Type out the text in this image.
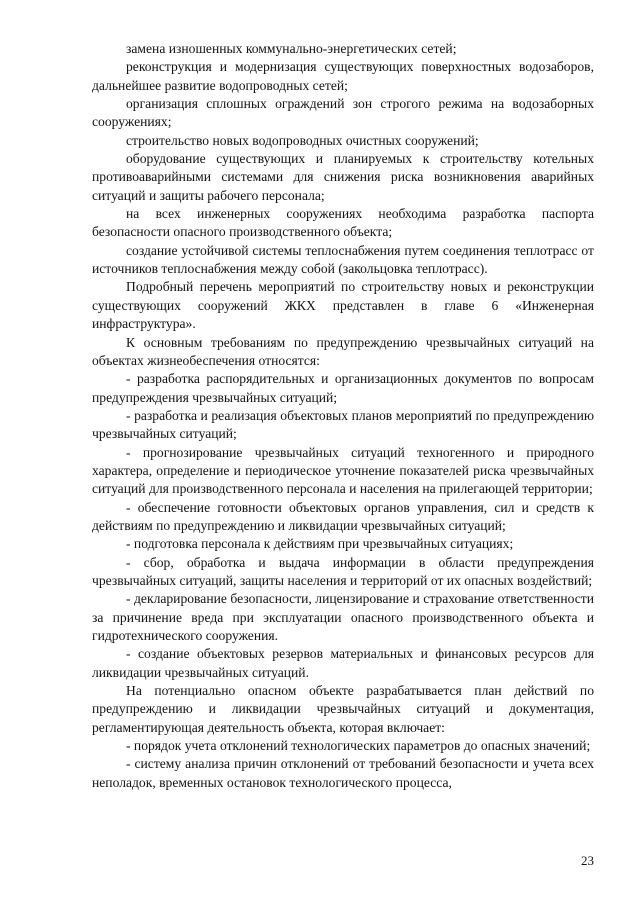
замена изношенных коммунально-энергетических сетей;

реконструкция и модернизация существующих поверхностных водозаборов, дальнейшее развитие водопроводных сетей;

организация сплошных ограждений зон строгого режима на водозаборных сооружениях;

строительство новых водопроводных очистных сооружений;

оборудование существующих и планируемых к строительству котельных противоаварийными системами для снижения риска возникновения аварийных ситуаций и защиты рабочего персонала;

на всех инженерных сооружениях необходима разработка паспорта безопасности опасного производственного объекта;

создание устойчивой системы теплоснабжения путем соединения теплотрасс от источников теплоснабжения между собой (закольцовка теплотрасс).

Подробный перечень мероприятий по строительству новых и реконструкции существующих сооружений ЖКХ представлен в главе 6 «Инженерная инфраструктура».

К основным требованиям по предупреждению чрезвычайных ситуаций на объектах жизнеобеспечения относятся:

- разработка распорядительных и организационных документов по вопросам предупреждения чрезвычайных ситуаций;

- разработка и реализация объектовых планов мероприятий по предупреждению чрезвычайных ситуаций;

- прогнозирование чрезвычайных ситуаций техногенного и природного характера, определение и периодическое уточнение показателей риска чрезвычайных ситуаций для производственного персонала и населения на прилегающей территории;

- обеспечение готовности объектовых органов управления, сил и средств к действиям по предупреждению и ликвидации чрезвычайных ситуаций;

- подготовка персонала к действиям при чрезвычайных ситуациях;

- сбор, обработка и выдача информации в области предупреждения чрезвычайных ситуаций, защиты населения и территорий от их опасных воздействий;

- декларирование безопасности, лицензирование и страхование ответственности за причинение вреда при эксплуатации опасного производственного объекта и гидротехнического сооружения.

- создание объектовых резервов материальных и финансовых ресурсов для ликвидации чрезвычайных ситуаций.

На потенциально опасном объекте разрабатывается план действий по предупреждению и ликвидации чрезвычайных ситуаций и документация, регламентирующая деятельность объекта, которая включает:

- порядок учета отклонений технологических параметров до опасных значений;

- систему анализа причин отклонений от требований безопасности и учета всех неполадок, временных остановок технологического процесса,

23
